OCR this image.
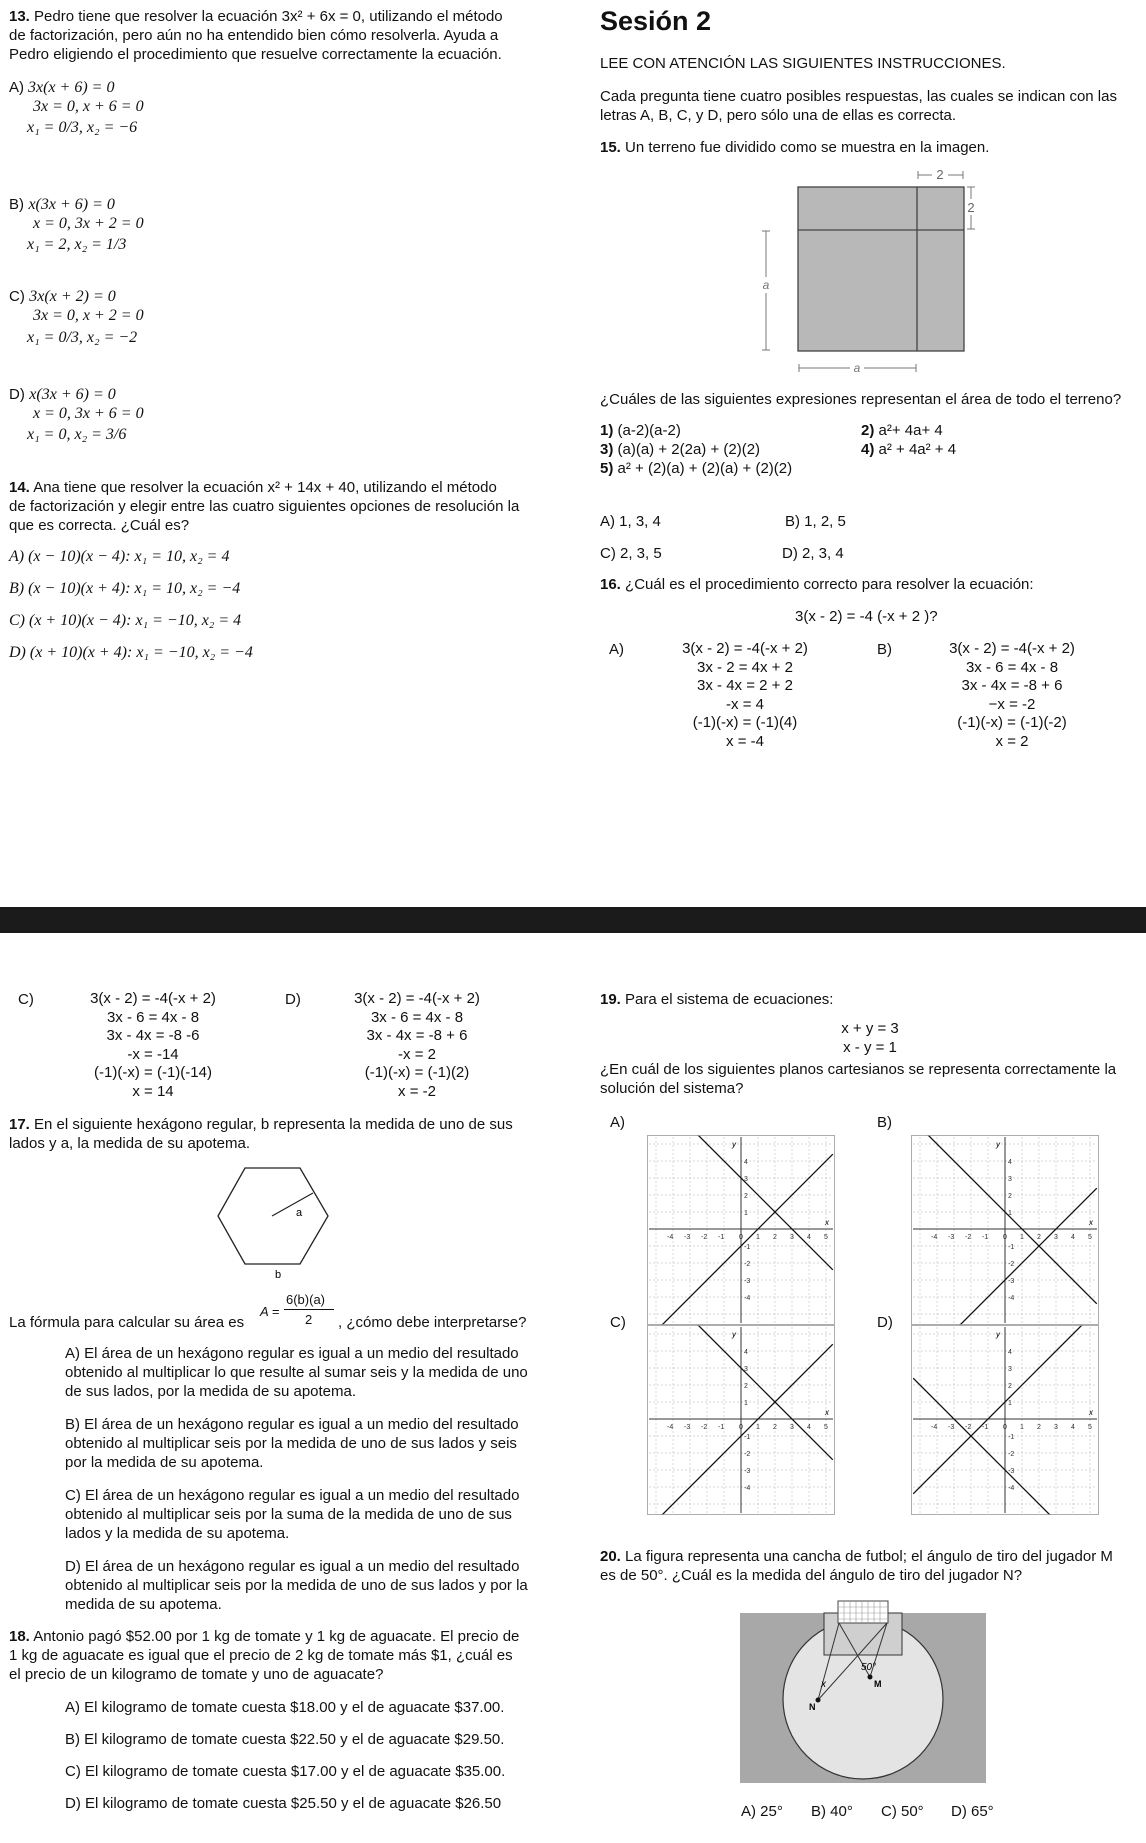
13. Pedro tiene que resolver la ecuación 3x² + 6x = 0, utilizando el método
de factorización, pero aún no ha entendido bien cómo resolverla. Ayuda a
Pedro eligiendo el procedimiento que resuelve correctamente la ecuación.
A) 3x(x + 6) = 0
3x = 0, x + 6 = 0
x₁ = 0/3, x₂ = −6
B) x(3x + 6) = 0
x = 0, 3x + 2 = 0
x₁ = 2, x₂ = 1/3
C) 3x(x + 2) = 0
3x = 0, x + 2 = 0
x₁ = 0/3, x₂ = −2
D) x(3x + 6) = 0
x = 0, 3x + 6 = 0
x₁ = 0, x₂ = 3/6
14. Ana tiene que resolver la ecuación x² + 14x + 40, utilizando el método
de factorización y elegir entre las cuatro siguientes opciones de resolución la
que es correcta. ¿Cuál es?
A) (x − 10)(x − 4): x₁ = 10, x₂ = 4
B) (x − 10)(x + 4): x₁ = 10, x₂ = −4
C) (x + 10)(x − 4): x₁ = −10, x₂ = 4
D) (x + 10)(x + 4): x₁ = −10, x₂ = −4
Sesión 2
LEE CON ATENCIÓN LAS SIGUIENTES INSTRUCCIONES.
Cada pregunta tiene cuatro posibles respuestas, las cuales se indican con las
letras A, B, C, y D, pero sólo una de ellas es correcta.
15. Un terreno fue dividido como se muestra en la imagen.
2
2
a
a
¿Cuáles de las siguientes expresiones representan el área de todo el terreno?
1) (a-2)(a-2)	2) a²+ 4a+ 4
3) (a)(a) + 2(2a) + (2)(2)	4) a² + 4a² + 4
5) a² + (2)(a) + (2)(a) + (2)(2)
A) 1, 3, 4	B) 1, 2, 5
C) 2, 3, 5	D) 2, 3, 4
16. ¿Cuál es el procedimiento correcto para resolver la ecuación:
3(x - 2) = -4 (-x + 2 )?
A)	3(x - 2) = -4(-x + 2)
3x - 2 = 4x + 2
3x - 4x = 2 + 2
-x = 4
(-1)(-x) = (-1)(4)
x = -4
B)	3(x - 2) = -4(-x + 2)
3x - 6 = 4x - 8
3x - 4x = -8 + 6
−x = -2
(-1)(-x) = (-1)(-2)
x = 2
C)	3(x - 2) = -4(-x + 2)
3x - 6 = 4x - 8
3x - 4x = -8 -6
-x = -14
(-1)(-x) = (-1)(-14)
x = 14
D)	3(x - 2) = -4(-x + 2)
3x - 6 = 4x - 8
3x - 4x = -8 + 6
-x = 2
(-1)(-x) = (-1)(2)
x = -2
17. En el siguiente hexágono regular, b representa la medida de uno de sus
lados y a, la medida de su apotema.
a
b
La fórmula para calcular su área es
A =
6(b)(a)
2 , ¿cómo debe interpretarse?
A) El área de un hexágono regular es igual a un medio del resultado
obtenido al multiplicar lo que resulte al sumar seis y la medida de uno
de sus lados, por la medida de su apotema.
B) El área de un hexágono regular es igual a un medio del resultado
obtenido al multiplicar seis por la medida de uno de sus lados y seis
por la medida de su apotema.
C) El área de un hexágono regular es igual a un medio del resultado
obtenido al multiplicar seis por la suma de la medida de uno de sus
lados y la medida de su apotema.
D) El área de un hexágono regular es igual a un medio del resultado
obtenido al multiplicar seis por la medida de uno de sus lados y por la
medida de su apotema.
18. Antonio pagó $52.00 por 1 kg de tomate y 1 kg de aguacate. El precio de
1 kg de aguacate es igual que el precio de 2 kg de tomate más $1, ¿cuál es
el precio de un kilogramo de tomate y uno de aguacate?
A) El kilogramo de tomate cuesta $18.00 y el de aguacate $37.00.
B) El kilogramo de tomate cuesta $22.50 y el de aguacate $29.50.
C) El kilogramo de tomate cuesta $17.00 y el de aguacate $35.00.
D) El kilogramo de tomate cuesta $25.50 y el de aguacate $26.50
19. Para el sistema de ecuaciones:
x + y = 3
x - y = 1
¿En cuál de los siguientes planos cartesianos se representa correctamente la
solución del sistema?
A)	B)
C)	D)
x
y
-4 -3 -2 -1 0 1 2 3 4 5
4
3
2
1
-1
-2
-3
-4
x
y
-4 -3 -2 -1 0 1 2 3 4 5
4
3
2
1
-1
-2
-3
-4
x
y
-4 -3 -2 -1 0 1 2 3 4 5
4
3
2
1
-1
-2
-3
-4
x
y
-4 -3 -2 -1 0 1 2 3 4 5
4
3
2
1
-1
-2
-3
-4
20. La figura representa una cancha de futbol; el ángulo de tiro del jugador M
es de 50°. ¿Cuál es la medida del ángulo de tiro del jugador N?
50°
x
N
M
A) 25° B) 40° C) 50° D) 65°
